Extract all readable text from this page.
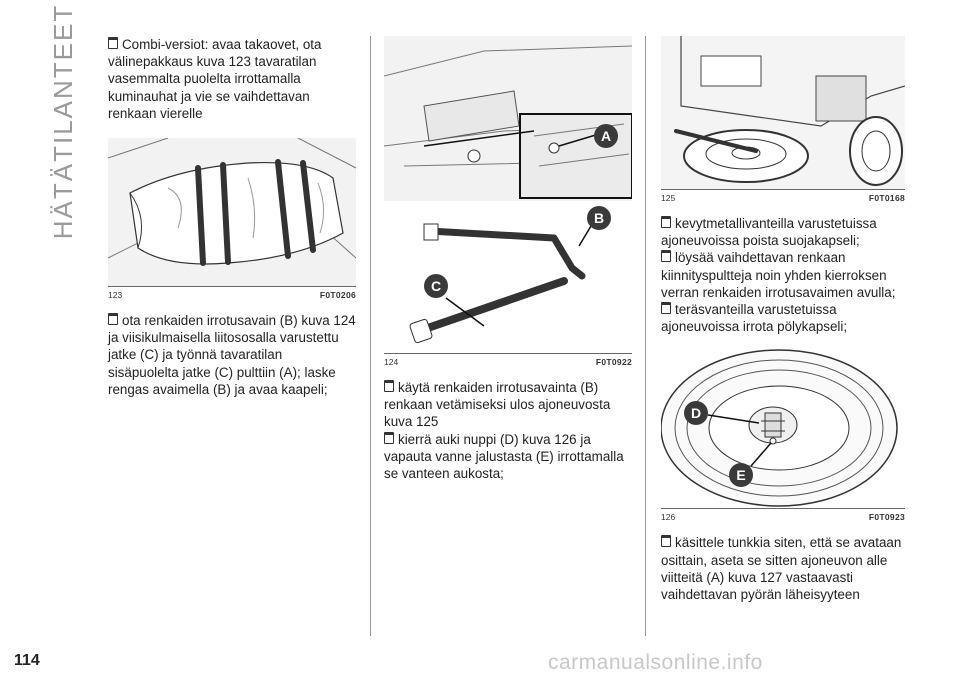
HÄTÄTILANTEET
114

Combi-versiot: avaa takaovet, ota välinepakkaus kuva 123 tavaratilan vasemmalta puolelta irrottamalla kuminauhat ja vie se vaihdettavan renkaan vierelle

123	F0T0206

ota renkaiden irrotusavain (B) kuva 124 ja viisikulmaisella liitososalla varustettu jatke (C) ja työnnä tavaratilan sisäpuolelta jatke (C) pulttiin (A); laske rengas avaimella (B) ja avaa kaapeli;

A
B
C
124	F0T0922

käytä renkaiden irrotusavainta (B) renkaan vetämiseksi ulos ajoneuvosta kuva 125

kierrä auki nuppi (D) kuva 126 ja vapauta vanne jalustasta (E) irrottamalla se vanteen aukosta;

125	F0T0168

kevytmetallivanteilla varustetuissa ajoneuvoissa poista suojakapseli;

löysää vaihdettavan renkaan kiinnityspultteja noin yhden kierroksen verran renkaiden irrotusavaimen avulla;

teräsvanteilla varustetuissa ajoneuvoissa irrota pölykapseli;

D
E
126	F0T0923

käsittele tunkkia siten, että se avataan osittain, aseta se sitten ajoneuvon alle viitteitä (A) kuva 127 vastaavasti vaihdettavan pyörän läheisyyteen

carmanualsonline.info
